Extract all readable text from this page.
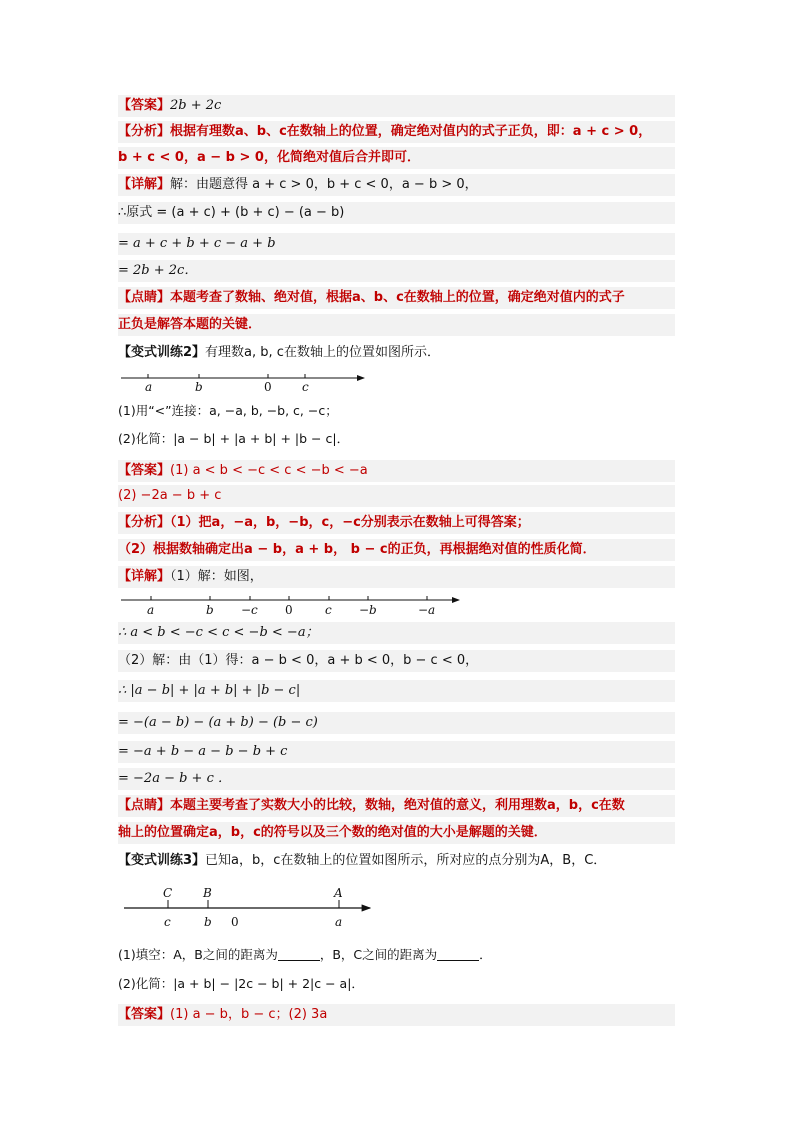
【答案】2b + 2c
【分析】根据有理数a、b、c在数轴上的位置，确定绝对值内的式子正负，即：a + c > 0，
b + c < 0，a − b > 0，化简绝对值后合并即可．
【详解】解：由题意得 a + c > 0，b + c < 0，a − b > 0，
∴原式 = (a + c) + (b + c) − (a − b)
= a + c + b + c − a + b
= 2b + 2c．
【点睛】本题考查了数轴、绝对值，根据a、b、c在数轴上的位置，确定绝对值内的式子
正负是解答本题的关键．
【变式训练2】有理数a, b, c在数轴上的位置如图所示．
a	b	0	c
a	b −c 0	c −b	−a
C	B	A
c	b 0	a
(1)用“<”连接：a, −a, b, −b, c, −c；
(2)化简：|a − b| + |a + b| + |b − c|．
【答案】(1) a < b < −c < c < −b < −a
(2) −2a − b + c
【分析】（1）把a，−a，b，−b，c，−c分别表示在数轴上可得答案；
（2）根据数轴确定出a − b，a + b， b − c的正负，再根据绝对值的性质化简．
【详解】（1）解：如图，
∴ a < b < −c < c < −b < −a；
（2）解：由（1）得：a − b < 0，a + b < 0，b − c < 0，
∴ |a − b| + |a + b| + |b − c|
= −(a − b) − (a + b) − (b − c)
= −a + b − a − b − b + c
= −2a − b + c ．
【点睛】本题主要考查了实数大小的比较，数轴，绝对值的意义，利用理数a，b，c在数
轴上的位置确定a，b，c的符号以及三个数的绝对值的大小是解题的关键．
【变式训练3】已知a，b，c在数轴上的位置如图所示，所对应的点分别为A，B，C．
(1)填空：A，B之间的距离为	，B，C之间的距离为	．
(2)化简：|a + b| − |2c − b| + 2|c − a|．
【答案】(1) a − b，b − c；(2) 3a
